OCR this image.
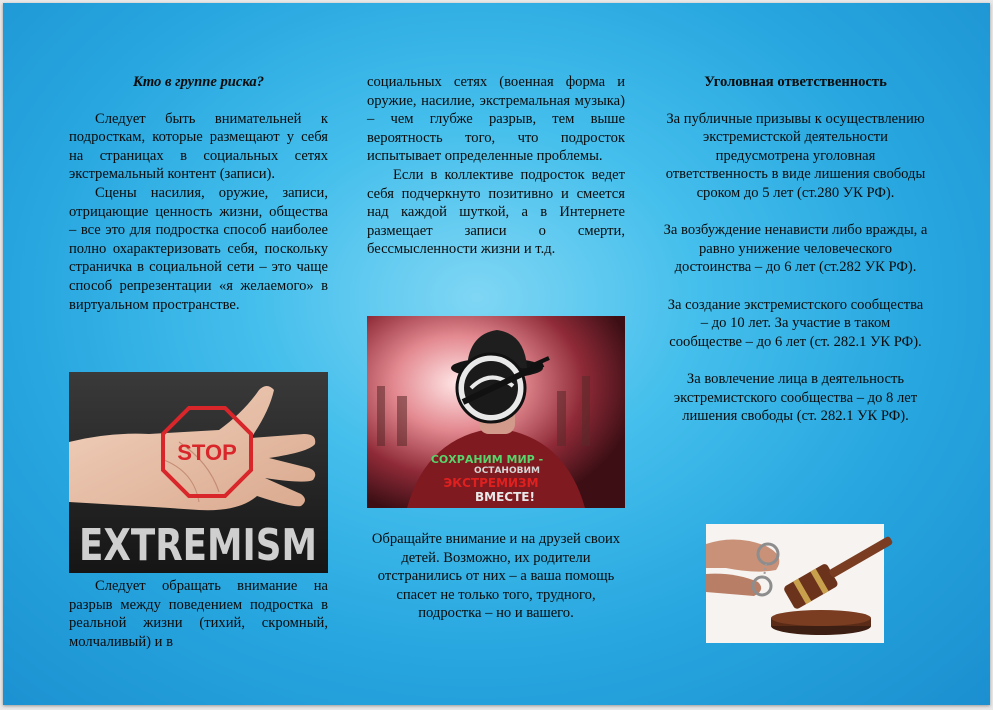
Кто в группе риска?

Следует быть внимательней к подросткам, которые размещают у себя на страницах в социальных сетях экстремальный контент (записи).

Сцены насилия, оружие, записи, отрицающие ценность жизни, общества – все это для подростка способ наиболее полно охарактеризовать себя, поскольку страничка в социальной сети – это чаще способ репрезентации «я желаемого» в виртуальном пространстве.

STOP
EXTREMISM

Следует обращать внимание на разрыв между поведением подростка в реальной жизни (тихий, скромный, молчаливый) и в

социальных сетях (военная форма и оружие, насилие, экстремальная музыка) – чем глубже разрыв, тем выше вероятность того, что подросток испытывает определенные проблемы.

Если в коллективе подросток ведет себя подчеркнуто позитивно и смеется над каждой шуткой, а в Интернете размещает записи о смерти, бессмысленности жизни и т.д.

СОХРАНИМ МИР -
ОСТАНОВИМ
ЭКСТРЕМИЗМ
ВМЕСТЕ!

Обращайте внимание и на друзей своих детей. Возможно, их родители отстранились от них – а ваша помощь спасет не только того, трудного, подростка – но и вашего.

Уголовная ответственность

За публичные призывы к осуществлению экстремистской деятельности предусмотрена уголовная ответственность в виде лишения свободы сроком до 5 лет (ст.280 УК РФ).

За возбуждение ненависти либо вражды, а равно унижение человеческого достоинства – до 6 лет (ст.282 УК РФ).

За создание экстремистского сообщества – до 10 лет. За участие в таком сообществе – до 6 лет (ст. 282.1 УК РФ).

За вовлечение лица в деятельность экстремистского сообщества – до 8 лет лишения свободы (ст. 282.1 УК РФ).
